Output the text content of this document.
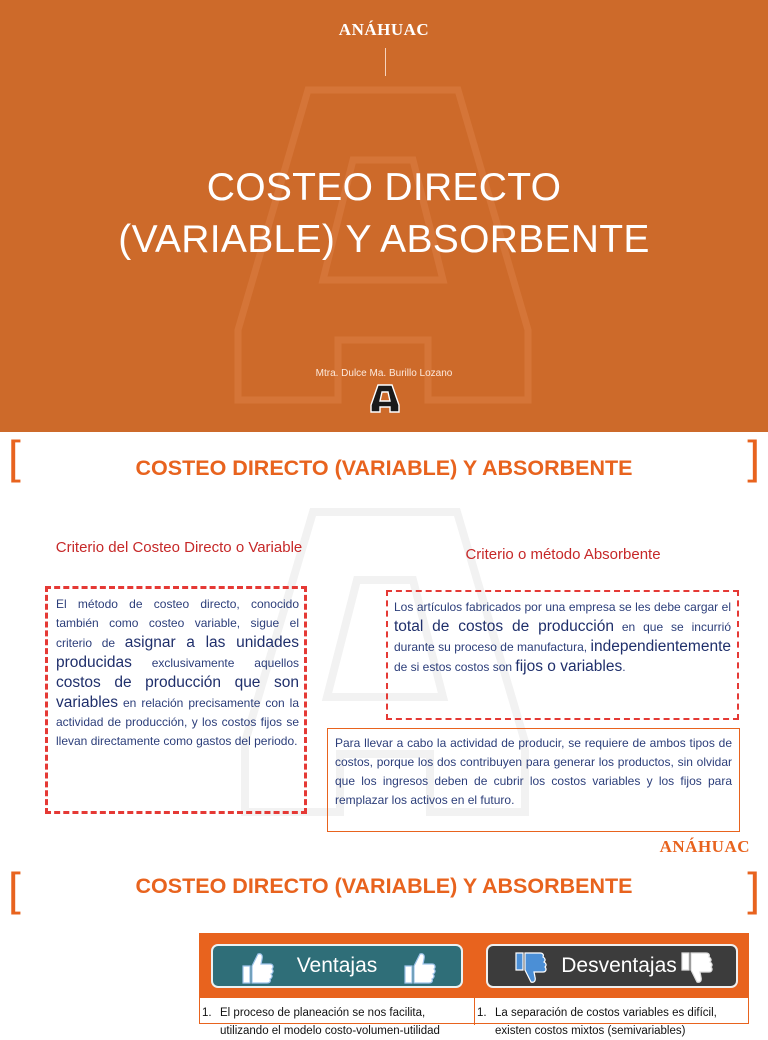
ANÁHUAC
COSTEO DIRECTO
(VARIABLE) Y ABSORBENTE
Mtra. Dulce Ma. Burillo Lozano
[	]
COSTEO DIRECTO (VARIABLE) Y ABSORBENTE
Criterio del Costeo Directo o Variable	Criterio o método Absorbente
El método de costeo directo, conocido también como costeo variable, sigue el criterio de asignar a las unidades producidas exclusivamente aquellos costos de producción que son variables en relación precisamente con la actividad de producción, y los costos fijos se llevan directamente como gastos del periodo.
Los artículos fabricados por una empresa se les debe cargar el total de costos de producción en que se incurrió durante su proceso de manufactura, independientemente de si estos costos son fijos o variables.
Para llevar a cabo la actividad de producir, se requiere de ambos tipos de costos, porque los dos contribuyen para generar los productos, sin olvidar que los ingresos deben de cubrir los costos variables y los fijos para remplazar los activos en el futuro.
ANÁHUAC
[	]
COSTEO DIRECTO (VARIABLE) Y ABSORBENTE
Ventajas	Desventajas
1. El proceso de planeación se nos facilita,
utilizando el modelo costo-volumen-utilidad
1. La separación de costos variables es difícil,
existen costos mixtos (semivariables)
